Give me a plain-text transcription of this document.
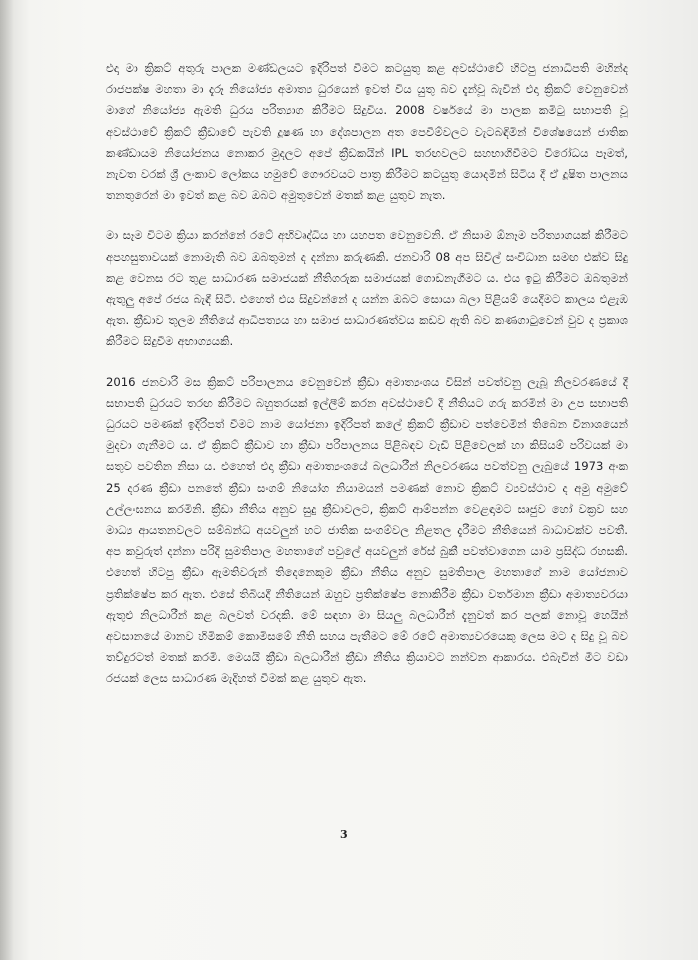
එදා මා ක්‍රිකට් අතුරු පාලක මණ්ඩලයට ඉදිරිපත් වීමට කටයුතු කළ අවස්ථාවේ හිටපු ජනාධිපති මහින්ද රාජපක්ෂ මහතා මා දැරූ නියෝජ්‍ය අමාත්‍ය ධුරයෙන් ඉවත් විය යුතු බව දැන්වූ බැවින් එදා ක්‍රිකට් වෙනුවෙන් මාගේ නියෝජ්‍ය ඇමති ධුරය පරිත්‍යාග කිරීමට සිදුවිය. 2008 වර්ෂයේ මා පාලක කමිටු සභාපති වූ අවස්ථාවේ ක්‍රිකට් ක්‍රීඩාවේ පැවති දූෂණ හා දේශපාලන අත පෙවීම්වලට වැටබඳිමින් විශේෂයෙන් ජාතික කණ්ඩායම නියෝජනය නොකර මුදලට අපේ ක්‍රීඩකයින් IPL තරඟවලට සහභාගිවීමට විරෝධය පෑමත්, නැවත වරක් ශ්‍රී ලංකාව ලෝකය හමුවේ ගෞරවයට පාත්‍ර කිරීමට කටයුතු යොදමින් සිටිය දී ඒ දූෂිත පාලනය තනතුරෙන් මා ඉවත් කළ බව ඔබට අමුතුවෙන් මතක් කළ යුතුව නැත.

මා සෑම විටම ක්‍රියා කරන්නේ රටේ අභිවෘද්ධිය හා යහපත වෙනුවෙනි. ඒ නිසාම ඕනෑම පරිත්‍යාගයක් කිරීමට අපහසුතාවයක් නොමැති බව ඔබතුමන් ද දන්නා කරුණකි. ජනවාරි 08 අප සිවිල් සංවිධාන සමඟ එක්ව සිදු කළ වෙනස රට තුළ සාධාරණ සමාජයක් නීතිගරුක සමාජයක් ගොඩනැගීමට ය. එය ඉටු කිරීමට ඔබතුමන් ඇතුලු අපේ රජය බැඳී සිටී. එහෙත් එය සිදුවන්නේ ද යන්න ඔබට සොයා බලා පිළියම් යෙදීමට කාලය එළැඹ ඇත. ක්‍රීඩාව තුලම නීතියේ ආධිපත්‍යය හා සමාජ සාධාරණත්වය කඩව ඇති බව කණගාටුවෙන් වුව ද ප්‍රකාශ කිරීමට සිදුවීම අභාග්‍යයකි.

2016 ජනවාරි මස ක්‍රිකට් පරිපාලනය වෙනුවෙන් ක්‍රීඩා අමාත්‍යංශය විසින් පවත්වනු ලැබූ නිලවරණයේ දී සභාපති ධුරයට තරඟ කිරීමට බහුතරයක් ඉල්ලීම් කරන අවස්ථාවේ දී නීතියට ගරු කරමින් මා උප සභාපති ධුරයට පමණක් ඉදිරිපත් වීමට නාම යෝජනා ඉදිරිපත් කලේ ක්‍රිකට් ක්‍රීඩාව පත්වෙමින් තිබෙන විනාශයෙන් මුදවා ගැනීමට ය. ඒ ක්‍රිකට් ක්‍රීඩාව හා ක්‍රීඩා පරිපාලනය පිළිබඳව වැඩි පිළිවෙලක් හා කිසියම් පරිවයක් මා සතුව පවතින නිසා ය. එහෙත් එදා ක්‍රීඩා අමාත්‍යංශයේ බලධාරීන් නිලවරණය පවත්වනු ලැබුයේ 1973 අංක 25 දරණ ක්‍රීඩා පනතේ ක්‍රීඩා සංගම් නියෝග නියාමයන් පමණක් නොව ක්‍රිකට් ව්‍යවස්ථාව ද අමු අමුවේ උල්ලංඝනය කරමිනි. ක්‍රීඩා නීතිය අනුව සුදු ක්‍රීඩාවලට, ක්‍රිකට් ආම්පන්න වෙළඳාමට සෘජුව හෝ වක්‍රව සහ මාධ්‍ය ආයතනවලට සම්බන්ධ අයවලුන් හට ජාතික සංගම්වල නිළතල දැරීමට නීතියෙන් බාධාවක්ව පවතී. අප කවුරුත් දන්නා පරිදි සුමතිපාල මහතාගේ පවුලේ අයවලුන් රේස් බුකී පවත්වාගෙන යාම ප්‍රසිද්ධ රහසකි. එහෙත් හිටපු ක්‍රීඩා ඇමතිවරුන් තිදෙනෙකුම ක්‍රීඩා නීතිය අනුව සුමතිපාල මහතාගේ නාම යෝජනාව ප්‍රතික්ෂේප කර ඇත. එසේ තිබියදී නීතියෙන් ඔහුව ප්‍රතික්ෂේප නොකිරීම ක්‍රීඩා වර්තමාන ක්‍රීඩා අමාත්‍යවරයා ඇතුළු නිලධාරීන් කළ බලවත් වරදකි. මේ සඳහා මා සියලු බලධාරීන් දැනුවත් කර පලක් නොවූ හෙයින් අවසානයේ මානව හිමිකම් කොමිසමේ නීති සහය පැතීමට මේ රටේ අමාත්‍යවරයෙකු ලෙස මට ද සිදු වූ බව තව්දුරටත් මතක් කරමි. මෙයයි ක්‍රීඩා බලධාරීන් ක්‍රීඩා නීතිය ක්‍රියාවට නන්වන ආකාරය. එබැවින් මීට වඩා රජයක් ලෙස සාධාරණ මැදිහත් වීමක් කළ යුතුව ඇත.

3
